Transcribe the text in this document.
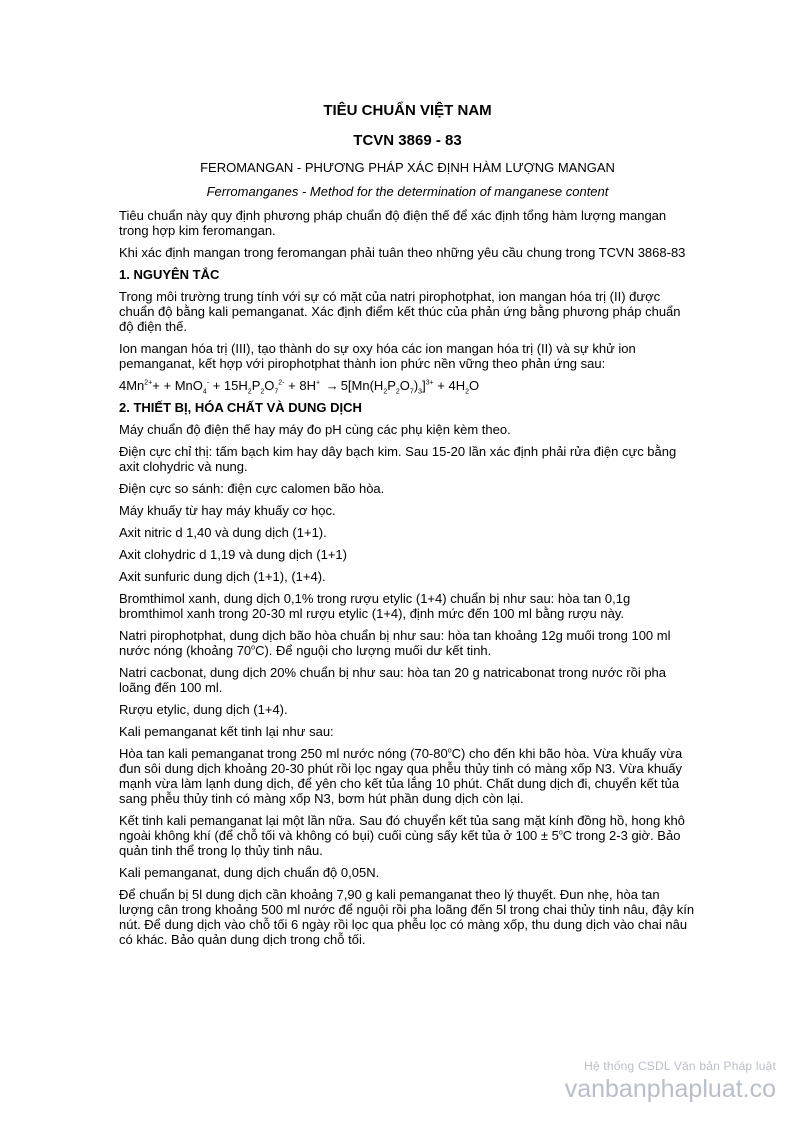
TIÊU CHUẨN VIỆT NAM
TCVN 3869 - 83
FEROMANGAN - PHƯƠNG PHÁP XÁC ĐỊNH HÀM LƯỢNG MANGAN
Ferromanganes - Method for the determination of manganese content

Tiêu chuẩn này quy định phương pháp chuẩn độ điện thế để xác định tổng hàm lượng mangan trong hợp kim feromangan.

Khi xác định mangan trong feromangan phải tuân theo những yêu cầu chung trong TCVN 3868-83

1. NGUYÊN TẮC

Trong môi trường trung tính với sự có mặt của natri pirophotphat, ion mangan hóa trị (II) được chuẩn độ bằng kali pemanganat. Xác định điểm kết thúc của phản ứng bằng phương pháp chuẩn độ điện thế.

Ion mangan hóa trị (III), tạo thành do sự oxy hóa các ion mangan hóa trị (II) và sự khử ion pemanganat, kết hợp với pirophotphat thành ion phức nền vững theo phản ứng sau:

$4Mn^{2+}+ + MnO_4^- + 15H_2P_2O_7^{2-} + 8H^+ \to 5[Mn(H_2P_2O_7)_3]^{3+} + 4H_2O$

2. THIẾT BỊ, HÓA CHẤT VÀ DUNG DỊCH

Máy chuẩn độ điện thế hay máy đo pH cùng các phụ kiện kèm theo.

Điện cực chỉ thị: tấm bạch kim hay dây bạch kim. Sau 15-20 lần xác định phải rửa điện cực bằng axit clohydric và nung.

Điện cực so sánh: điện cực calomen bão hòa.

Máy khuấy từ hay máy khuấy cơ học.

Axit nitric d 1,40 và dung dịch (1+1).

Axit clohydric d 1,19 và dung dịch (1+1)

Axit sunfuric dung dịch (1+1), (1+4).

Bromthimol xanh, dung dịch 0,1% trong rượu etylic (1+4) chuẩn bị như sau: hòa tan 0,1g bromthimol xanh trong 20-30 ml rượu etylic (1+4), định mức đến 100 ml bằng rượu này.

Natri pirophotphat, dung dịch bão hòa chuẩn bị như sau: hòa tan khoảng 12g muối trong 100 ml nước nóng (khoảng 70$^o$C). Để nguội cho lượng muối dư kết tinh.

Natri cacbonat, dung dịch 20% chuẩn bị như sau: hòa tan 20 g natricabonat trong nước rồi pha loãng đến 100 ml.

Rượu etylic, dung dịch (1+4).

Kali pemanganat kết tinh lại như sau:

Hòa tan kali pemanganat trong 250 ml nước nóng (70-80$^o$C) cho đến khi bão hòa. Vừa khuấy vừa đun sôi dung dịch khoảng 20-30 phút rồi lọc ngay qua phễu thủy tinh có màng xốp N3. Vừa khuấy mạnh vừa làm lạnh dung dịch, để yên cho kết tủa lắng 10 phút. Chất dung dịch đi, chuyển kết tủa sang phễu thủy tinh có màng xốp N3, bơm hút phần dung dịch còn lại.

Kết tinh kali pemanganat lại một lần nữa. Sau đó chuyển kết tủa sang mặt kính đồng hồ, hong khô ngoài không khí (để chỗ tối và không có bụi) cuối cùng sấy kết tủa ở $100 \pm 5^oC$ trong 2-3 giờ. Bảo quản tinh thể trong lọ thủy tinh nâu.

Kali pemanganat, dung dịch chuẩn độ 0,05N.

Để chuẩn bị 5l dung dịch cần khoảng 7,90 g kali pemanganat theo lý thuyết. Đun nhẹ, hòa tan lượng cân trong khoảng 500 ml nước để nguội rồi pha loãng đến 5l trong chai thủy tinh nâu, đậy kín nút. Để dung dịch vào chỗ tối 6 ngày rồi lọc qua phễu lọc có màng xốp, thu dung dịch vào chai nâu có khác. Bảo quản dung dịch trong chỗ tối.

Hệ thống CSDL Văn bản Pháp luật
vanbanphapluat.co
